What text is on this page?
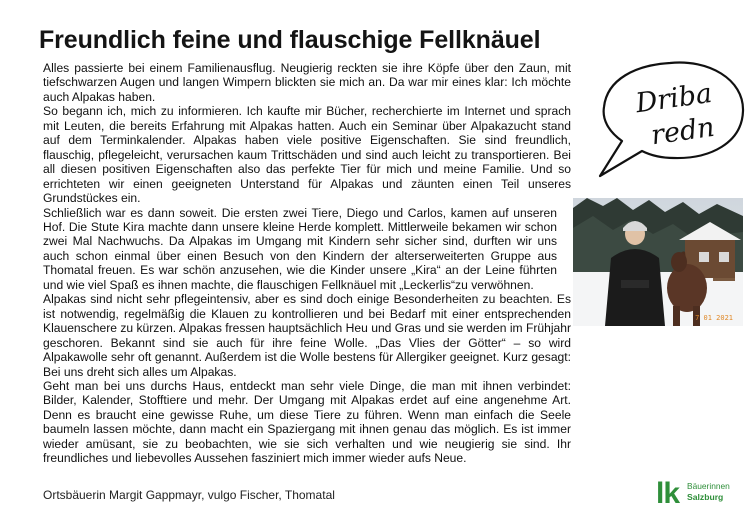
Freundlich feine und flauschige Fellknäuel

Alles passierte bei einem Familienausflug. Neugierig reckten sie ihre Köpfe über den Zaun, mit tiefschwarzen Augen und langen Wimpern blickten sie mich an. Da war mir eines klar: Ich möchte auch Alpakas haben.

So begann ich, mich zu informieren. Ich kaufte mir Bücher, recherchierte im Internet und sprach mit Leuten, die bereits Erfahrung mit Alpakas hatten. Auch ein Seminar über Alpakazucht stand auf dem Terminkalender. Alpakas haben viele positive Eigenschaften. Sie sind freundlich, flauschig, pflegeleicht, verursachen kaum Trittschäden und sind auch leicht zu transportieren. Bei all diesen positiven Eigenschaften also das perfekte Tier für mich und meine Familie. Und so errichteten wir einen geeigneten Unterstand für Alpakas und zäunten einen Teil unseres Grundstückes ein.

Schließlich war es dann soweit. Die ersten zwei Tiere, Diego und Carlos, kamen auf unseren Hof. Die Stute Kira machte dann unsere kleine Herde komplett. Mittlerweile bekamen wir schon zwei Mal Nachwuchs. Da Alpakas im Umgang mit Kindern sehr sicher sind, durften wir uns auch schon einmal über einen Besuch von den Kindern der alterserweiterten Gruppe aus Thomatal freuen. Es war schön anzusehen, wie die Kinder unsere „Kira“ an der Leine führten und wie viel Spaß es ihnen machte, die flauschigen Fellknäuel mit „Leckerlis“zu verwöhnen.

Alpakas sind nicht sehr pflegeintensiv, aber es sind doch einige Besonderheiten zu beachten. Es ist notwendig, regelmäßig die Klauen zu kontrollieren und bei Bedarf mit einer entsprechenden Klauenschere zu kürzen. Alpakas fressen hauptsächlich Heu und Gras und sie werden im Frühjahr geschoren. Bekannt sind sie auch für ihre feine Wolle. „Das Vlies der Götter“ – so wird Alpakawolle sehr oft genannt. Außerdem ist die Wolle bestens für Allergiker geeignet. Kurz gesagt: Bei uns dreht sich alles um Alpakas.

Geht man bei uns durchs Haus, entdeckt man sehr viele Dinge, die man mit ihnen verbindet: Bilder, Kalender, Stofftiere und mehr. Der Umgang mit Alpakas erdet auf eine angenehme Art. Denn es braucht eine gewisse Ruhe, um diese Tiere zu führen. Wenn man einfach die Seele baumeln lassen möchte, dann macht ein Spaziergang mit ihnen genau das möglich. Es ist immer wieder amüsant, sie zu beobachten, wie sie sich verhalten und wie neugierig sie sind. Ihr freundliches und liebevolles Aussehen fasziniert mich immer wieder aufs Neue.

Ortsbäuerin Margit Gappmayr, vulgo Fischer, Thomatal
Driba
redn
7 01 2021
lk Bäuerinnen
Salzburg
